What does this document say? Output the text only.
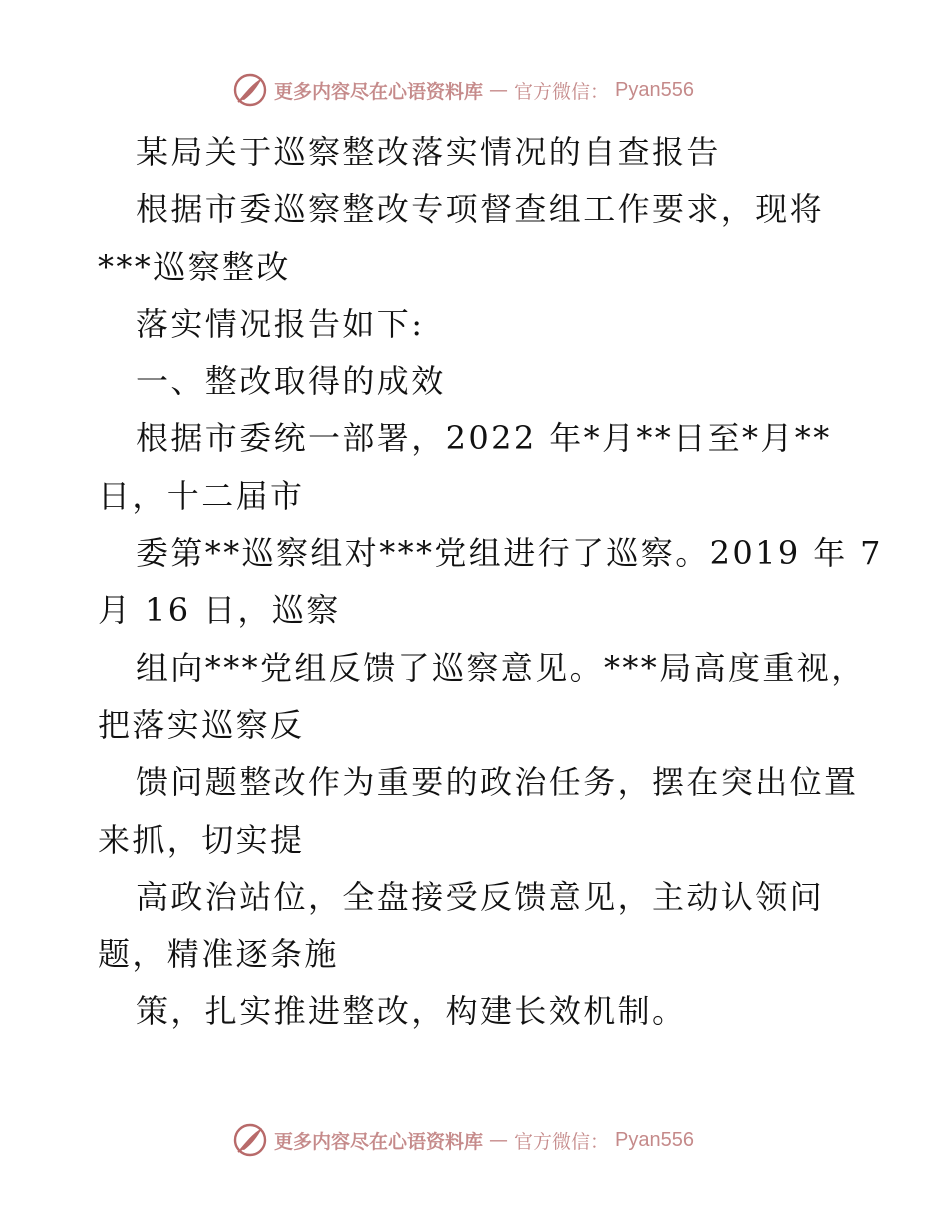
更多内容尽在心语资料库 — 官方微信： Pyan556
某局关于巡察整改落实情况的自查报告
根据市委巡察整改专项督查组工作要求，现将
***巡察整改
落实情况报告如下:
一、整改取得的成效
根据市委统一部署，2022 年*月**日至*月**
日，十二届市
委第**巡察组对***党组进行了巡察。2019 年 7
月 16 日，巡察
组向***党组反馈了巡察意见。***局高度重视，
把落实巡察反
馈问题整改作为重要的政治任务，摆在突出位置
来抓，切实提
高政治站位，全盘接受反馈意见，主动认领问
题，精准逐条施
策，扎实推进整改，构建长效机制。
更多内容尽在心语资料库 — 官方微信： Pyan556
